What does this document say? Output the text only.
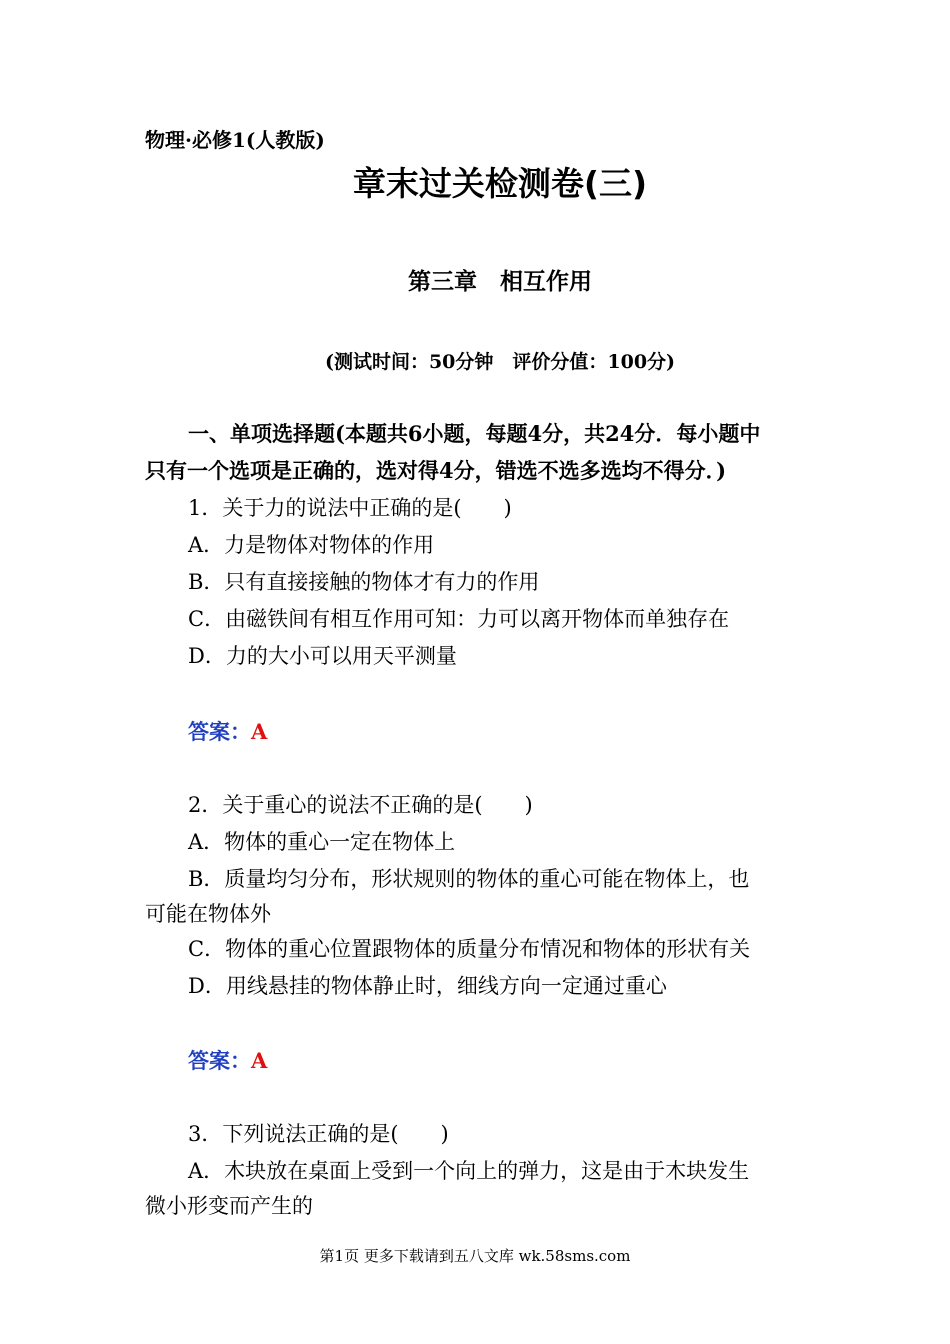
物理·必修1(人教版)
章末过关检测卷(三)
第三章　相互作用
(测试时间：50分钟　评价分值：100分)
一、单项选择题(本题共6小题，每题4分，共24分．每小题中
只有一个选项是正确的，选对得4分，错选不选多选均不得分．)
1．关于力的说法中正确的是(　　)
A．力是物体对物体的作用
B．只有直接接触的物体才有力的作用
C．由磁铁间有相互作用可知：力可以离开物体而单独存在
D．力的大小可以用天平测量
答案：A
2．关于重心的说法不正确的是(　　)
A．物体的重心一定在物体上
B．质量均匀分布，形状规则的物体的重心可能在物体上，也
可能在物体外
C．物体的重心位置跟物体的质量分布情况和物体的形状有关
D．用线悬挂的物体静止时，细线方向一定通过重心
答案：A
3．下列说法正确的是(　　)
A．木块放在桌面上受到一个向上的弹力，这是由于木块发生
微小形变而产生的
第1页 更多下载请到五八文库 wk.58sms.com
